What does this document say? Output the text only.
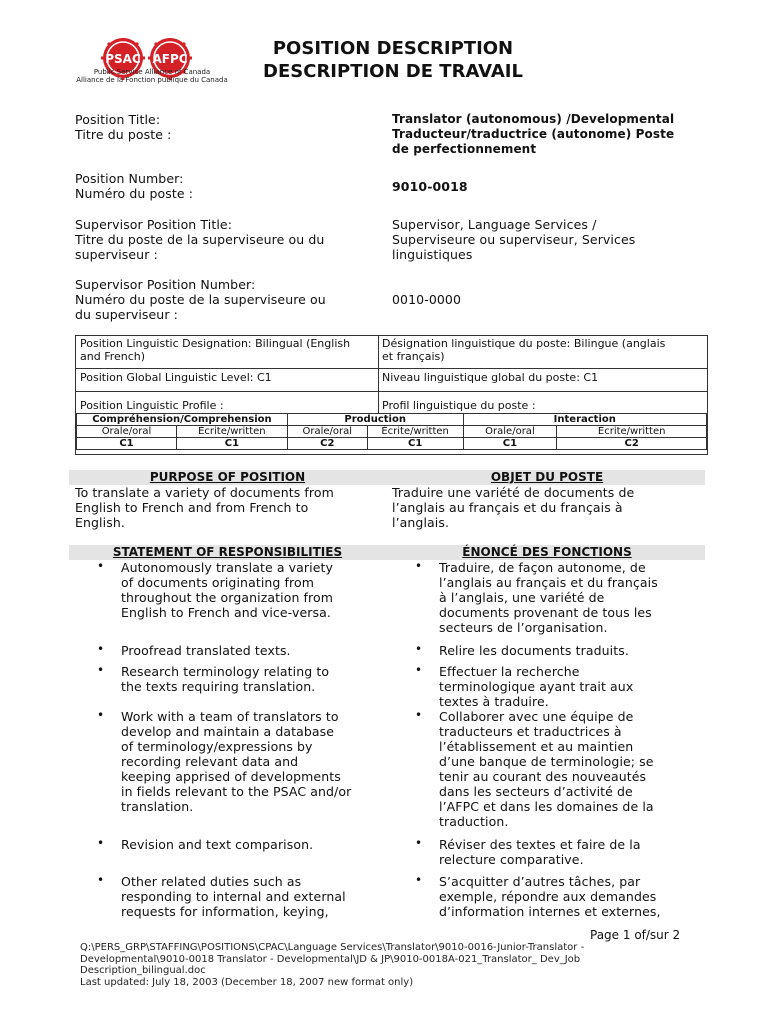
PSAC AFPC
Public Service Alliance of Canada
Alliance de la Fonction publique du Canada
POSITION DESCRIPTION
DESCRIPTION DE TRAVAIL
Position Title:
Titre du poste :
Translator (autonomous) /Developmental
Traducteur/traductrice (autonome) Poste
de perfectionnement
Position Number:
Numéro du poste :	9010-0018
Supervisor Position Title:
Titre du poste de la superviseure ou du
superviseur :
Supervisor, Language Services /
Superviseure ou superviseur, Services
linguistiques
Supervisor Position Number:
Numéro du poste de la superviseure ou
du superviseur :
0010-0000
Position Linguistic Designation: Bilingual (English
and French)
Désignation linguistique du poste: Bilingue (anglais
et français)
Position Global Linguistic Level: C1	Niveau linguistique global du poste: C1
Position Linguistic Profile :	Profil linguistique du poste :
Compréhension/Comprehension		Production		Interaction	
Orale/oral	Écrite/written	Orale/oral	Écrite/written	Orale/oral	Écrite/written
C1	C1	C2	C1	C1	C2
PURPOSE OF POSITION	OBJET DU POSTE
To translate a variety of documents from
English to French and from French to
English.
Traduire une variété de documents de
l’anglais au français et du français à
l’anglais.
STATEMENT OF RESPONSIBILITIES	ÉNONCÉ DES FONCTIONS
• Autonomously translate a variety
of documents originating from
throughout the organization from
English to French and vice-versa.
• Proofread translated texts.
• Research terminology relating to
the texts requiring translation.
• Work with a team of translators to
develop and maintain a database
of terminology/expressions by
recording relevant data and
keeping apprised of developments
in fields relevant to the PSAC and/or
translation.
• Revision and text comparison.
• Other related duties such as
responding to internal and external
requests for information, keying,
• Traduire, de façon autonome, de
l’anglais au français et du français
à l’anglais, une variété de
documents provenant de tous les
secteurs de l’organisation.
• Relire les documents traduits.
• Effectuer la recherche
terminologique ayant trait aux
textes à traduire.
• Collaborer avec une équipe de
traducteurs et traductrices à
l’établissement et au maintien
d’une banque de terminologie; se
tenir au courant des nouveautés
dans les secteurs d’activité de
l’AFPC et dans les domaines de la
traduction.
• Réviser des textes et faire de la
relecture comparative.
• S’acquitter d’autres tâches, par
exemple, répondre aux demandes
d’information internes et externes,
Page 1 of/sur 2
Q:\PERS_GRP\STAFFING\POSITIONS\CPAC\Language Services\Translator\9010-0016-Junior-Translator -
Developmental\9010-0018 Translator - Developmental\JD & JP\9010-0018A-021_Translator_ Dev_Job
Description_bilingual.doc
Last updated: July 18, 2003 (December 18, 2007 new format only)
